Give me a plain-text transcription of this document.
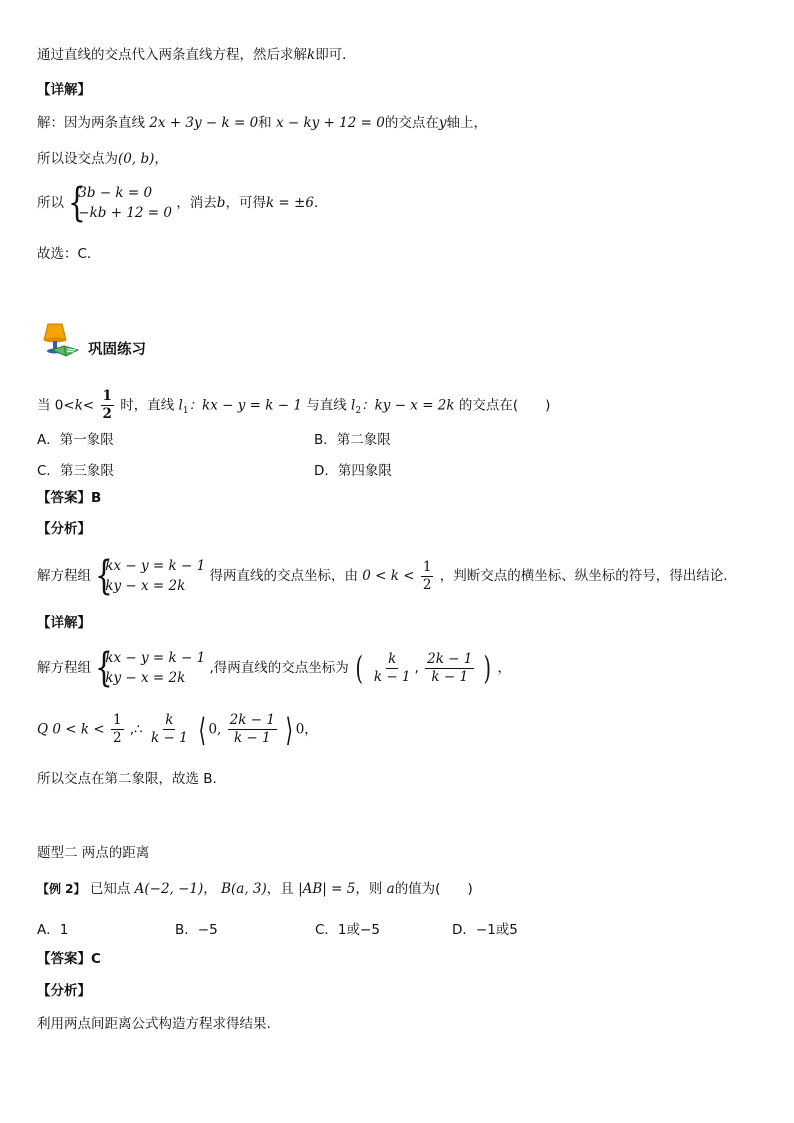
通过直线的交点代入两条直线方程，然后求解k即可．
【详解】
解：因为两条直线 2x + 3y − k = 0和 x − ky + 12 = 0的交点在y轴上，
所以设交点为(0, b)，
所以 {
3b − k = 0
−kb + 12 = 0
，消去b，可得k = ±6．
故选：C．
巩固练习
当 $0<k< \frac{1}{2}$ 时，直线 $l_1$：kx − y = k − 1 与直线 $l_2$：ky − x = 2k 的交点在(　　)
A．第一象限	B．第二象限
C．第三象限	D．第四象限
【答案】B
【分析】
解方程组 {
kx − y = k − 1
ky − x = 2k
得两直线的交点坐标，由 $0 < k < \frac{1}{2}$ ，判断交点的横坐标、纵坐标的符号，得出结论.
【详解】
解方程组 {
kx − y = k − 1
ky − x = 2k
,得两直线的交点坐标为 ( $\frac{k}{k - 1}$ , $\frac{2k - 1}{k - 1}$ ) ，
Q $0 < k < \frac{1}{2}$ ,∴ $\frac{k}{k - 1}$ ⟨ 0, $\frac{2k - 1}{k - 1}$ ⟩ 0，
所以交点在第二象限，故选 B.
题型二 两点的距离
【例 2】 已知点 A(−2, −1)， B(a, 3)，且 |AB| = 5，则 a的值为(　　)
A．1	B．−5	C．1或−5	D．−1或5
【答案】C
【分析】
利用两点间距离公式构造方程求得结果.
